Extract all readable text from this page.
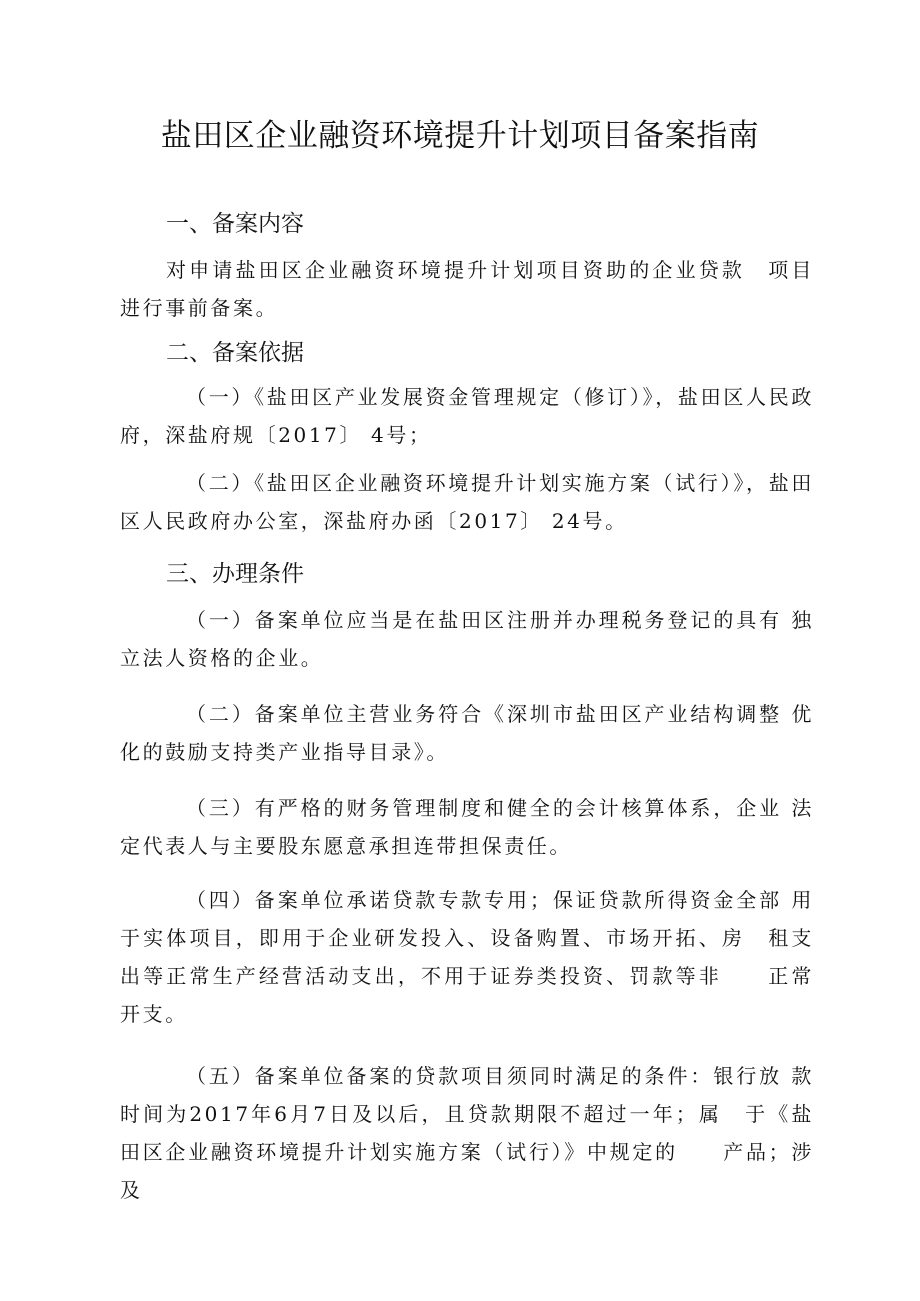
盐田区企业融资环境提升计划项目备案指南
一、备案内容
对申请盐田区企业融资环境提升计划项目资助的企业贷款　项目进行事前备案。
二、备案依据
（一）《盐田区产业发展资金管理规定（修订）》，盐田区人民政府，深盐府规〔2017〕 4号；
（二）《盐田区企业融资环境提升计划实施方案（试行）》，盐田区人民政府办公室，深盐府办函〔2017〕 24号。
三、办理条件
（一）备案单位应当是在盐田区注册并办理税务登记的具有 独立法人资格的企业。
（二）备案单位主营业务符合《深圳市盐田区产业结构调整 优化的鼓励支持类产业指导目录》。
（三）有严格的财务管理制度和健全的会计核算体系，企业 法定代表人与主要股东愿意承担连带担保责任。
（四）备案单位承诺贷款专款专用；保证贷款所得资金全部 用于实体项目，即用于企业研发投入、设备购置、市场开拓、房　租支出等正常生产经营活动支出，不用于证券类投资、罚款等非　　正常开支。
（五）备案单位备案的贷款项目须同时满足的条件：银行放 款时间为2017年6月7日及以后，且贷款期限不超过一年；属　于《盐田区企业融资环境提升计划实施方案（试行）》中规定的　　产品；涉及
